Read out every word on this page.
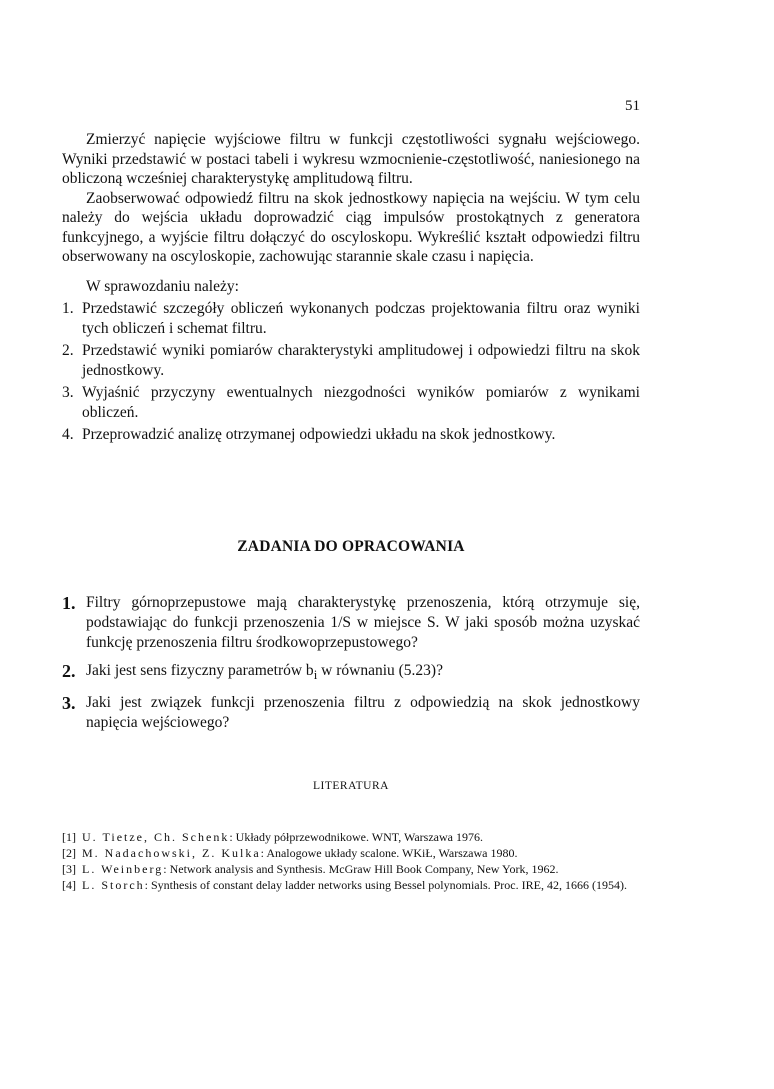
51

Zmierzyć napięcie wyjściowe filtru w funkcji częstotliwości sygnału wejściowego. Wyniki przedstawić w postaci tabeli i wykresu wzmocnienie-częstotliwość, naniesionego na obliczoną wcześniej charakterystykę amplitudową filtru.

Zaobserwować odpowiedź filtru na skok jednostkowy napięcia na wejściu. W tym celu należy do wejścia układu doprowadzić ciąg impulsów prostokątnych z generatora funkcyjnego, a wyjście filtru dołączyć do oscyloskopu. Wykreślić kształt odpowiedzi filtru obserwowany na oscyloskopie, zachowując starannie skale czasu i napięcia.

W sprawozdaniu należy:

1. Przedstawić szczegóły obliczeń wykonanych podczas projektowania filtru oraz wyniki tych obliczeń i schemat filtru.
2. Przedstawić wyniki pomiarów charakterystyki amplitudowej i odpowiedzi filtru na skok jednostkowy.
3. Wyjaśnić przyczyny ewentualnych niezgodności wyników pomiarów z wynikami obliczeń.
4. Przeprowadzić analizę otrzymanej odpowiedzi układu na skok jednostkowy.
ZADANIA DO OPRACOWANIA
1. Filtry górnoprzepustowe mają charakterystykę przenoszenia, którą otrzymuje się, podstawiając do funkcji przenoszenia 1/S w miejsce S. W jaki sposób można uzyskać funkcję przenoszenia filtru środkowoprzepustowego?
2. Jaki jest sens fizyczny parametrów $b_i$ w równaniu (5.23)?
3. Jaki jest związek funkcji przenoszenia filtru z odpowiedzią na skok jednostkowy napięcia wejściowego?
LITERATURA
[1] U. Tietze, Ch. Schenk: Układy półprzewodnikowe. WNT, Warszawa 1976.
[2] M. Nadachowski, Z. Kulka: Analogowe układy scalone. WKiŁ, Warszawa 1980.
[3] L. Weinberg: Network analysis and Synthesis. McGraw Hill Book Company, New York, 1962.
[4] L. Storch: Synthesis of constant delay ladder networks using Bessel polynomials. Proc. IRE, 42, 1666 (1954).
